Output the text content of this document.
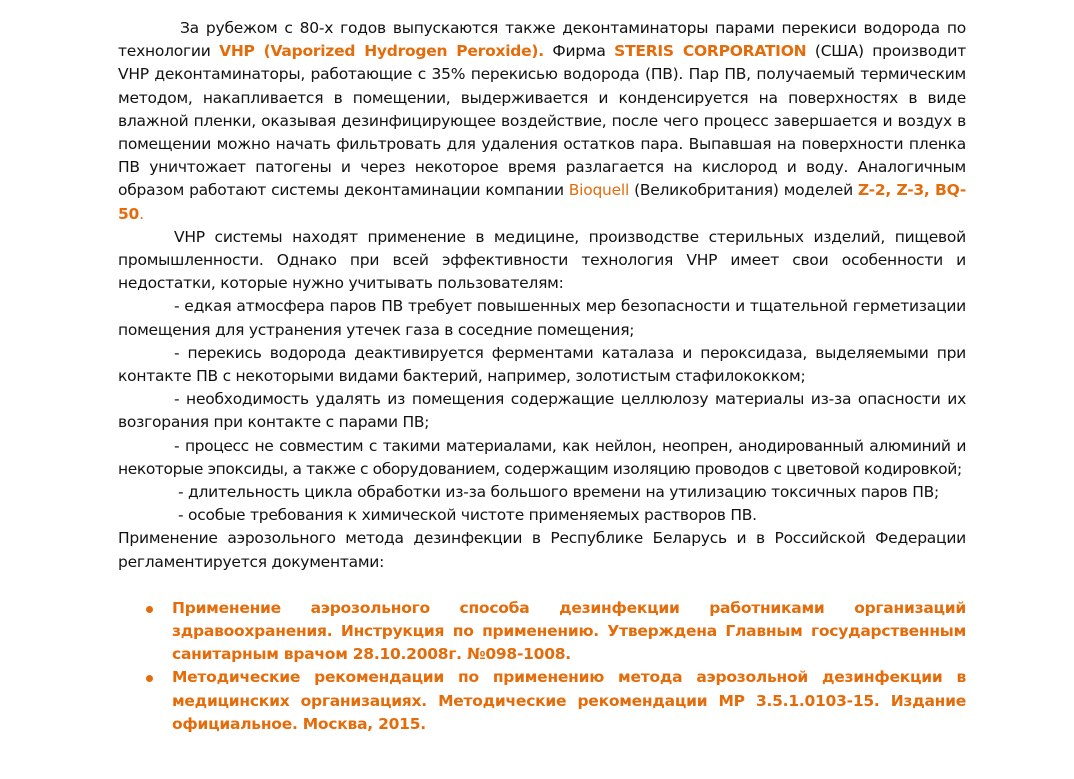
За рубежом с 80-х годов выпускаются также деконтаминаторы парами перекиси водорода по технологии VHP (Vaporized Hydrogen Peroxide). Фирма STERIS CORPORATION (США) производит VHP деконтаминаторы, работающие с 35% перекисью водорода (ПВ). Пар ПВ, получаемый термическим методом, накапливается в помещении, выдерживается и конденсируется на поверхностях в виде влажной пленки, оказывая дезинфицирующее воздействие, после чего процесс завершается и воздух в помещении можно начать фильтровать для удаления остатков пара. Выпавшая на поверхности пленка ПВ уничтожает патогены и через некоторое время разлагается на кислород и воду. Аналогичным образом работают системы деконтаминации компании Bioquell (Великобритания) моделей Z-2, Z-3, BQ-50.

VHP системы находят применение в медицине, производстве стерильных изделий, пищевой промышленности. Однако при всей эффективности технология VHP имеет свои особенности и недостатки, которые нужно учитывать пользователям:

- едкая атмосфера паров ПВ требует повышенных мер безопасности и тщательной герметизации помещения для устранения утечек газа в соседние помещения;

- перекись водорода деактивируется ферментами каталаза и пероксидаза, выделяемыми при контакте ПВ с некоторыми видами бактерий, например, золотистым стафилококком;

- необходимость удалять из помещения содержащие целлюлозу материалы из-за опасности их возгорания при контакте с парами ПВ;

- процесс не совместим с такими материалами, как нейлон, неопрен, анодированный алюминий и некоторые эпоксиды, а также с оборудованием, содержащим изоляцию проводов с цветовой кодировкой;

- длительность цикла обработки из-за большого времени на утилизацию токсичных паров ПВ;

- особые требования к химической чистоте применяемых растворов ПВ.

Применение аэрозольного метода дезинфекции в Республике Беларусь и в Российской Федерации регламентируется документами:

Применение аэрозольного способа дезинфекции работниками организаций здравоохранения. Инструкция по применению. Утверждена Главным государственным санитарным врачом 28.10.2008г. №098-1008.
Методические рекомендации по применению метода аэрозольной дезинфекции в медицинских организациях. Методические рекомендации МР 3.5.1.0103-15. Издание официальное. Москва, 2015.
